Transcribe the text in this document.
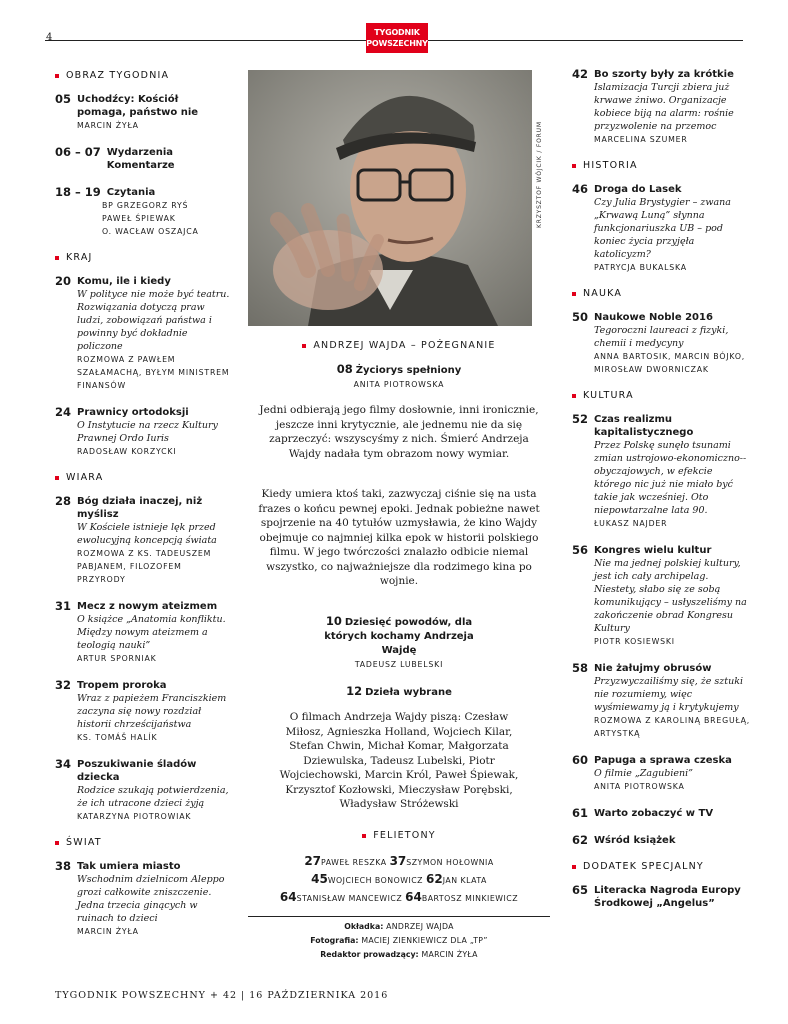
4	TYGODNIK
POWSZECHNY
OBRAZ TYGODNIA
05 Uchodźcy: Kościół pomaga, państwo nie
MARCIN ŻYŁA
06 – 07 Wydarzenia Komentarze
18 – 19 Czytania
BP GRZEGORZ RYŚ
PAWEŁ ŚPIEWAK
O. WACŁAW OSZAJCA
KRAJ
20 Komu, ile i kiedy
W polityce nie może być teatru. Rozwiązania dotyczą praw ludzi, zobowiązań państwa i powinny być dokładnie policzone
ROZMOWA Z PAWŁEM SZAŁAMACHĄ, BYŁYM MINISTREM FINANSÓW
24 Prawnicy ortodoksji
O Instytucie na rzecz Kultury Prawnej Ordo Iuris
RADOSŁAW KORZYCKI
WIARA
28 Bóg działa inaczej, niż myślisz
W Kościele istnieje lęk przed ewolucyjną koncepcją świata
ROZMOWA Z KS. TADEUSZEM PABJANEM, FILOZOFEM PRZYRODY
31 Mecz z nowym ateizmem
O książce „Anatomia konfliktu. Między nowym ateizmem a teologią nauki”
ARTUR SPORNIAK
32 Tropem proroka
Wraz z papieżem Franciszkiem zaczyna się nowy rozdział historii chrześcijaństwa
KS. TOMÁŠ HALÍK
34 Poszukiwanie śladów dziecka
Rodzice szukają potwierdzenia, że ich utracone dzieci żyją
KATARZYNA PIOTROWIAK
ŚWIAT
38 Tak umiera miasto
Wschodnim dzielnicom Aleppo grozi całkowite zniszczenie. Jedna trzecia ginących w ruinach to dzieci
MARCIN ŻYŁA
42 Bo szorty były za krótkie
Islamizacja Turcji zbiera już krwawe żniwo. Organizacje kobiece biją na alarm: rośnie przyzwolenie na przemoc
MARCELINA SZUMER
HISTORIA
46 Droga do Lasek
Czy Julia Brystygier – zwana „Krwawą Luną” słynna funkcjonariuszka UB – pod koniec życia przyjęła katolicyzm?
PATRYCJA BUKALSKA
NAUKA
50 Naukowe Noble 2016
Tegoroczni laureaci z fizyki, chemii i medycyny
ANNA BARTOSIK, MARCIN BÓJKO, MIROSŁAW DWORNICZAK
KULTURA
52 Czas realizmu kapitalistycznego
Przez Polskę sunęło tsunami zmian ustrojowo-ekonomiczno--obyczajowych, w efekcie którego nic już nie miało być takie jak wcześniej. Oto niepowtarzalne lata 90.
ŁUKASZ NAJDER
56 Kongres wielu kultur
Nie ma jednej polskiej kultury, jest ich cały archipelag. Niestety, słabo się ze sobą komunikujący – usłyszeliśmy na zakończenie obrad Kongresu Kultury
PIOTR KOSIEWSKI
58 Nie żałujmy obrusów
Przyzwyczailiśmy się, że sztuki nie rozumiemy, więc wyśmiewamy ją i krytykujemy
ROZMOWA Z KAROLINĄ BREGUŁĄ, ARTYSTKĄ
60 Papuga a sprawa czeska
O filmie „Zagubieni”
ANITA PIOTROWSKA
61 Warto zobaczyć w TV
62 Wśród książek
DODATEK SPECJALNY
65 Literacka Nagroda Europy Środkowej „Angelus”
KRZYSZTOF WÓJCIK / FORUM
ANDRZEJ WAJDA – POŻEGNANIE
08 Życiorys spełniony
ANITA PIOTROWSKA
Jedni odbierają jego filmy dosłownie, inni ironicznie, jeszcze inni krytycznie, ale jednemu nie da się zaprzeczyć: wszyscyśmy z nich. Śmierć Andrzeja Wajdy nadała tym obrazom nowy wymiar.
Kiedy umiera ktoś taki, zazwyczaj ciśnie się na usta frazes o końcu pewnej epoki. Jednak pobieżne nawet spojrzenie na 40 tytułów uzmysławia, że kino Wajdy obejmuje co najmniej kilka epok w historii polskiego filmu. W jego twórczości znalazło odbicie niemal wszystko, co najważniejsze dla rodzimego kina po wojnie.
10 Dziesięć powodów, dla których kochamy Andrzeja Wajdę
TADEUSZ LUBELSKI
12 Dzieła wybrane
O filmach Andrzeja Wajdy piszą: Czesław Miłosz, Agnieszka Holland, Wojciech Kilar, Stefan Chwin, Michał Komar, Małgorzata Dziewulska, Tadeusz Lubelski, Piotr Wojciechowski, Marcin Król, Paweł Śpiewak, Krzysztof Kozłowski, Mieczysław Porębski, Władysław Stróżewski
FELIETONY
27PAWEŁ RESZKA 37SZYMON HOŁOWNIA
45WOJCIECH BONOWICZ 62JAN KLATA
64STANISŁAW MANCEWICZ 64BARTOSZ MINKIEWICZ
Okładka: ANDRZEJ WAJDA
Fotografia: MACIEJ ZIENKIEWICZ DLA „TP”
Redaktor prowadzący: MARCIN ŻYŁA
TYGODNIK POWSZECHNY + 42 | 16 PAŹDZIERNIKA 2016
